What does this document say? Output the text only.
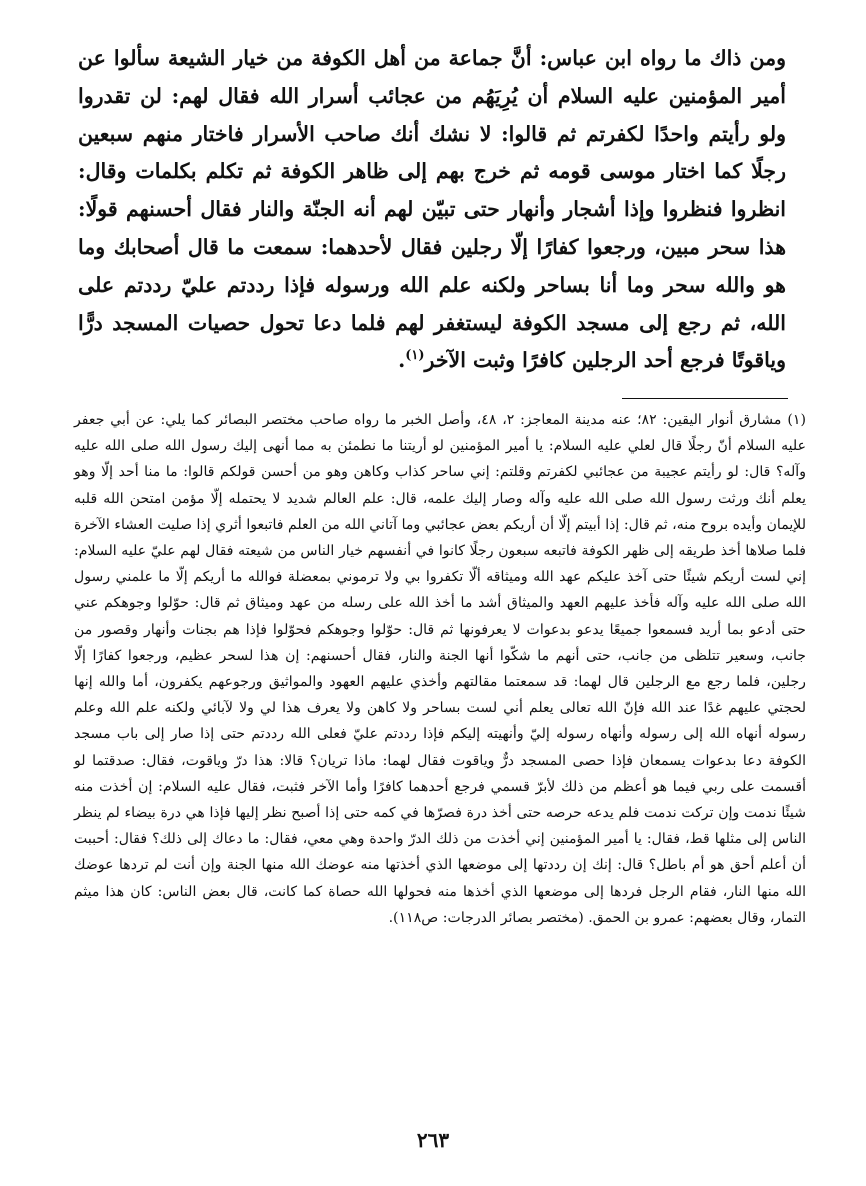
ومن ذاك ما رواه ابن عباس: أنَّ جماعة من أهل الكوفة من خيار الشيعة سألوا عن أمير المؤمنين عليه السلام أن يُرِيَهُم من عجائب أسرار الله فقال لهم: لن تقدروا ولو رأيتم واحدًا لكفرتم ثم قالوا: لا نشك أنك صاحب الأسرار فاختار منهم سبعين رجلًا كما اختار موسى قومه ثم خرج بهم إلى ظاهر الكوفة ثم تكلم بكلمات وقال: انظروا فنظروا وإذا أشجار وأنهار حتى تبيّن لهم أنه الجنّة والنار فقال أحسنهم قولًا: هذا سحر مبين، ورجعوا كفارًا إلّا رجلين فقال لأحدهما: سمعت ما قال أصحابك وما هو والله سحر وما أنا بساحر ولكنه علم الله ورسوله فإذا رددتم عليّ رددتم على الله، ثم رجع إلى مسجد الكوفة ليستغفر لهم فلما دعا تحول حصيات المسجد درًّا وياقوتًا فرجع أحد الرجلين كافرًا وثبت الآخر$^{(١)}$.

(١)مشارق أنوار اليقين: ٨٢؛ عنه مدينة المعاجز: ٢، ٤٨، وأصل الخبر ما رواه صاحب مختصر البصائر كما يلي: عن أبي جعفر عليه السلام أنّ رجلًا قال لعلي عليه السلام: يا أمير المؤمنين لو أريتنا ما نطمئن به مما أنهى إليك رسول الله صلى الله عليه وآله؟ قال: لو رأيتم عجيبة من عجائبي لكفرتم وقلتم: إني ساحر كذاب وكاهن وهو من أحسن قولكم قالوا: ما منا أحد إلّا وهو يعلم أنك ورثت رسول الله صلى الله عليه وآله وصار إليك علمه، قال: علم العالم شديد لا يحتمله إلّا مؤمن امتحن الله قلبه للإيمان وأيده بروح منه، ثم قال: إذا أبيتم إلّا أن أريكم بعض عجائبي وما آتاني الله من العلم فاتبعوا أثري إذا صليت العشاء الآخرة فلما صلاها أخذ طريقه إلى ظهر الكوفة فاتبعه سبعون رجلًا كانوا في أنفسهم خيار الناس من شيعته فقال لهم عليّ عليه السلام: إني لست أريكم شيئًا حتى آخذ عليكم عهد الله وميثاقه ألّا تكفروا بي ولا ترموني بمعضلة فوالله ما أريكم إلّا ما علمني رسول الله صلى الله عليه وآله فأخذ عليهم العهد والميثاق أشد ما أخذ الله على رسله من عهد وميثاق ثم قال: حوّلوا وجوهكم عني حتى أدعو بما أريد فسمعوا جميعًا يدعو بدعوات لا يعرفونها ثم قال: حوّلوا وجوهكم فحوّلوا فإذا هم بجنات وأنهار وقصور من جانب، وسعير تتلظى من جانب، حتى أنهم ما شكّوا أنها الجنة والنار، فقال أحسنهم: إن هذا لسحر عظيم، ورجعوا كفارًا إلّا رجلين، فلما رجع مع الرجلين قال لهما: قد سمعتما مقالتهم وأخذي عليهم العهود والمواثيق ورجوعهم يكفرون، أما والله إنها لحجتي عليهم غدًا عند الله فإنّ الله تعالى يعلم أني لست بساحر ولا كاهن ولا يعرف هذا لي ولا لآبائي ولكنه علم الله وعلم رسوله أنهاه الله إلى رسوله وأنهاه رسوله إليّ وأنهيته إليكم فإذا رددتم عليّ فعلى الله رددتم حتى إذا صار إلى باب مسجد الكوفة دعا بدعوات يسمعان فإذا حصى المسجد درٌّ وياقوت فقال لهما: ماذا تريان؟ قالا: هذا درّ وياقوت، فقال: صدقتما لو أقسمت على ربي فيما هو أعظم من ذلك لأبرّ قسمي فرجع أحدهما كافرًا وأما الآخر فثبت، فقال عليه السلام: إن أخذت منه شيئًا ندمت وإن تركت ندمت فلم يدعه حرصه حتى أخذ درة فصرّها في كمه حتى إذا أصبح نظر إليها فإذا هي درة بيضاء لم ينظر الناس إلى مثلها قط، فقال: يا أمير المؤمنين إني أخذت من ذلك الدرّ واحدة وهي معي، فقال: ما دعاك إلى ذلك؟ فقال: أحببت أن أعلم أحق هو أم باطل؟ قال: إنك إن رددتها إلى موضعها الذي أخذتها منه عوضك الله منها الجنة وإن أنت لم تردها عوضك الله منها النار، فقام الرجل فردها إلى موضعها الذي أخذها منه فحولها الله حصاة كما كانت، قال بعض الناس: كان هذا ميثم التمار، وقال بعضهم: عمرو بن الحمق. (مختصر بصائر الدرجات: ص١١٨).

٢٦٣
